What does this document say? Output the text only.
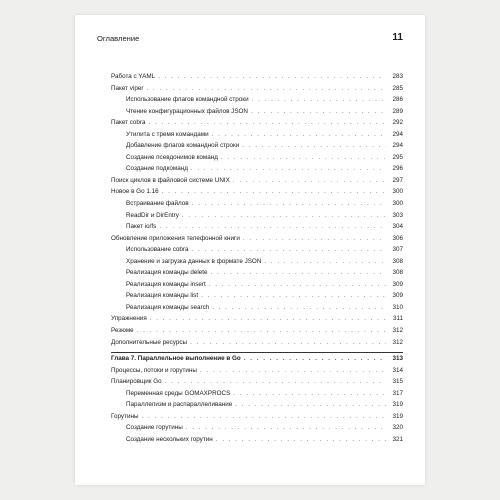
Оглавление	11
Работа с YAML . . .	283
Пакет viper . . .	285
Использование флагов командной строки . . .	286
Чтение конфигурационных файлов JSON . . .	289
Пакет cobra . . .	292
Утилита с тремя командами . . .	294
Добавление флагов командной строки . . .	294
Создание псевдонимов команд . . .	295
Создание подкоманд . . .	296
Поиск циклов в файловой системе UNIX . . .	297
Новое в Go 1.16 . . .	300
Встраивание файлов . . .	300
ReadDir и DirEntry . . .	303
Пакет io/fs . . .	304
Обновление приложения телефонной книги . . .	306
Использование cobra . . .	307
Хранение и загрузка данных в формате JSON . . .	308
Реализация команды delete . . .	308
Реализация команды insert . . .	309
Реализация команды list . . .	309
Реализация команды search . . .	310
Упражнения . . .	311
Резюме . . .	312
Дополнительные ресурсы . . .	312
Глава 7. Параллельное выполнение в Go . . .	313
Процессы, потоки и горутины . . .	314
Планировщик Go . . .	315
Переменная среды GOMAXPROCS . . .	317
Параллелизм и распараллеливание . . .	319
Горутины . . .	319
Создание горутины . . .	320
Создание нескольких горутин . . .	321
